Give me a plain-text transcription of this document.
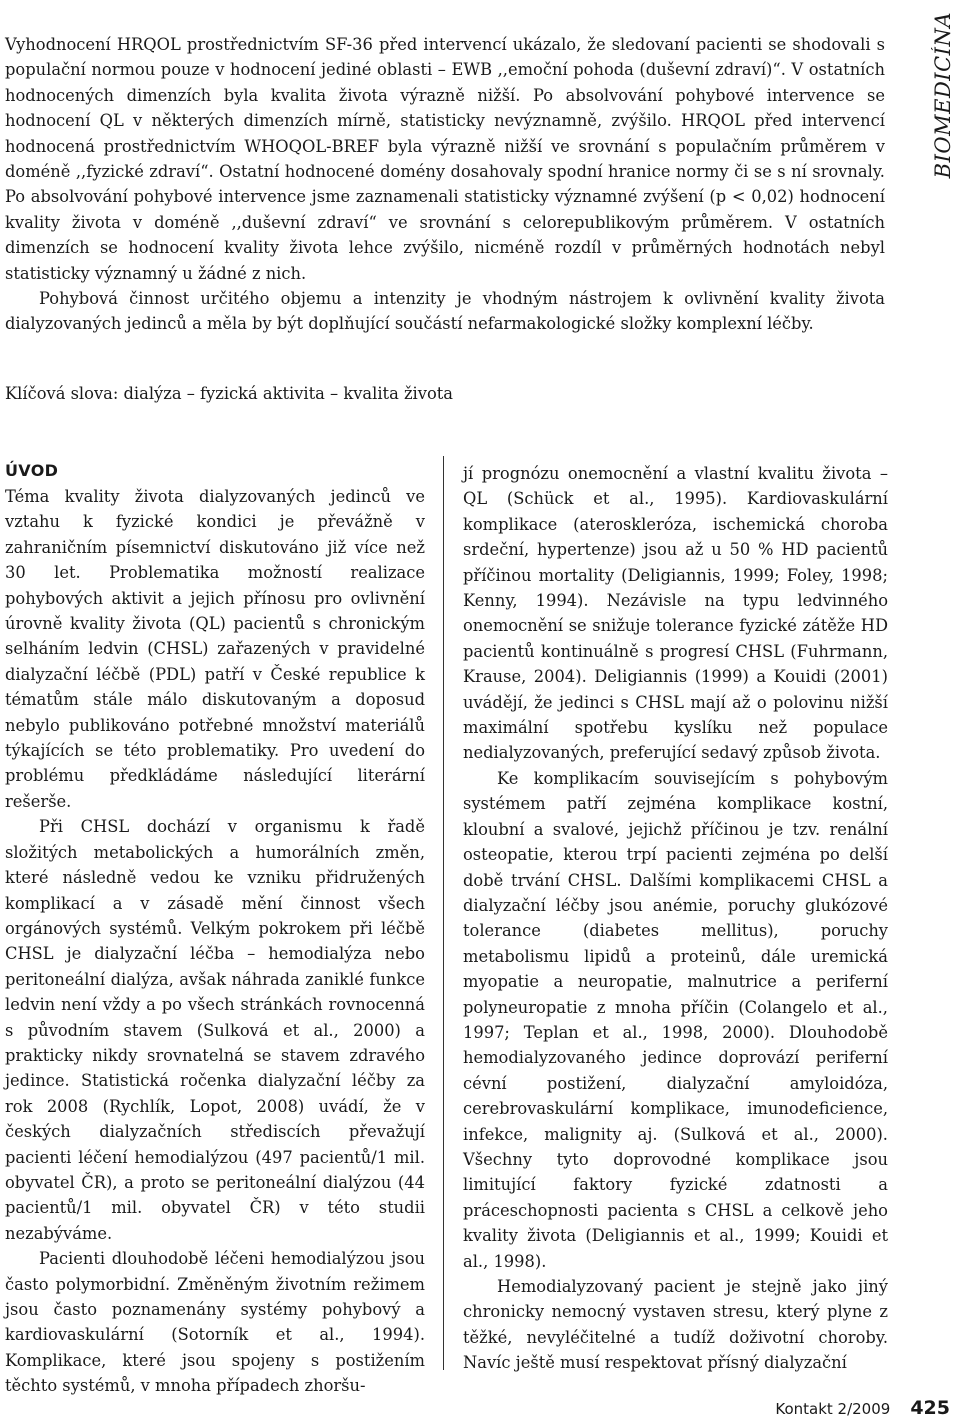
BIOMEDICÍNA

Vyhodnocení HRQOL prostřednictvím SF-36 před intervencí ukázalo, že sledovaní pacienti se shodovali s populační normou pouze v hodnocení jediné oblasti – EWB ,,emoční pohoda (duševní zdraví)“. V ostatních hodnocených dimenzích byla kvalita života výrazně nižší. Po absolvování pohybové intervence se hodnocení QL v některých dimenzích mírně, statisticky nevýznamně, zvýšilo. HRQOL před intervencí hodnocená prostřednictvím WHOQOL-BREF byla výrazně nižší ve srovnání s populačním průměrem v doméně ,,fyzické zdraví“. Ostatní hodnocené domény dosahovaly spodní hranice normy či se s ní srovnaly. Po absolvování pohybové intervence jsme zaznamenali statisticky významné zvýšení (p < 0,02) hodnocení kvality života v doméně ,,duševní zdraví“ ve srovnání s celorepublikovým průměrem. V ostatních dimenzích se hodnocení kvality života lehce zvýšilo, nicméně rozdíl v průměrných hodnotách nebyl statisticky významný u žádné z nich.

Pohybová činnost určitého objemu a intenzity je vhodným nástrojem k ovlivnění kvality života dialyzovaných jedinců a měla by být doplňující součástí nefarmakologické složky komplexní léčby.

Klíčová slova: dialýza – fyzická aktivita – kvalita života
ÚVOD

Téma kvality života dialyzovaných jedinců ve vztahu k fyzické kondici je převážně v zahraničním písemnictví diskutováno již více než 30 let. Problematika možností realizace pohybových aktivit a jejich přínosu pro ovlivnění úrovně kvality života (QL) pacientů s chronickým selháním ledvin (CHSL) zařazených v pravidelné dialyzační léčbě (PDL) patří v České republice k tématům stále málo diskutovaným a doposud nebylo publikováno potřebné množství materiálů týkajících se této problematiky. Pro uvedení do problému předkládáme následující literární rešerše.

Při CHSL dochází v organismu k řadě složitých metabolických a humorálních změn, které následně vedou ke vzniku přidružených komplikací a v zásadě mění činnost všech orgánových systémů. Velkým pokrokem při léčbě CHSL je dialyzační léčba – hemodialýza nebo peritoneální dialýza, avšak náhrada zaniklé funkce ledvin není vždy a po všech stránkách rovnocenná s původním stavem (Sulková et al., 2000) a prakticky nikdy srovnatelná se stavem zdravého jedince. Statistická ročenka dialyzační léčby za rok 2008 (Rychlík, Lopot, 2008) uvádí, že v českých dialyzačních střediscích převažují pacienti léčení hemodialýzou (497 pacientů/1 mil. obyvatel ČR), a proto se peritoneální dialýzou (44 pacientů/1 mil. obyvatel ČR) v této studii nezabýváme.

Pacienti dlouhodobě léčeni hemodialýzou jsou často polymorbidní. Změněným životním režimem jsou často poznamenány systémy pohybový a kardiovaskulární (Sotorník et al., 1994). Komplikace, které jsou spojeny s postižením těchto systémů, v mnoha případech zhoršu-

jí prognózu onemocnění a vlastní kvalitu života – QL (Schück et al., 1995). Kardiovaskulární komplikace (ateroskleróza, ischemická choroba srdeční, hypertenze) jsou až u 50 % HD pacientů příčinou mortality (Deligiannis, 1999; Foley, 1998; Kenny, 1994). Nezávisle na typu ledvinného onemocnění se snižuje tolerance fyzické zátěže HD pacientů kontinuálně s progresí CHSL (Fuhrmann, Krause, 2004). Deligiannis (1999) a Kouidi (2001) uvádějí, že jedinci s CHSL mají až o polovinu nižší maximální spotřebu kyslíku než populace nedialyzovaných, preferující sedavý způsob života.

Ke komplikacím souvisejícím s pohybovým systémem patří zejména komplikace kostní, kloubní a svalové, jejichž příčinou je tzv. renální osteopatie, kterou trpí pacienti zejména po delší době trvání CHSL. Dalšími komplikacemi CHSL a dialyzační léčby jsou anémie, poruchy glukózové tolerance (diabetes mellitus), poruchy metabolismu lipidů a proteinů, dále uremická myopatie a neuropatie, malnutrice a periferní polyneuropatie z mnoha příčin (Colangelo et al., 1997; Teplan et al., 1998, 2000). Dlouhodobě hemodialyzovaného jedince doprovází periferní cévní postižení, dialyzační amyloidóza, cerebrovaskulární komplikace, imunodeficience, infekce, malignity aj. (Sulková et al., 2000). Všechny tyto doprovodné komplikace jsou limitující faktory fyzické zdatnosti a práceschopnosti pacienta s CHSL a celkově jeho kvality života (Deligiannis et al., 1999; Kouidi et al., 1998).

Hemodialyzovaný pacient je stejně jako jiný chronicky nemocný vystaven stresu, který plyne z těžké, nevyléčitelné a tudíž doživotní choroby. Navíc ještě musí respektovat přísný dialyzační

Kontakt 2/2009 425
